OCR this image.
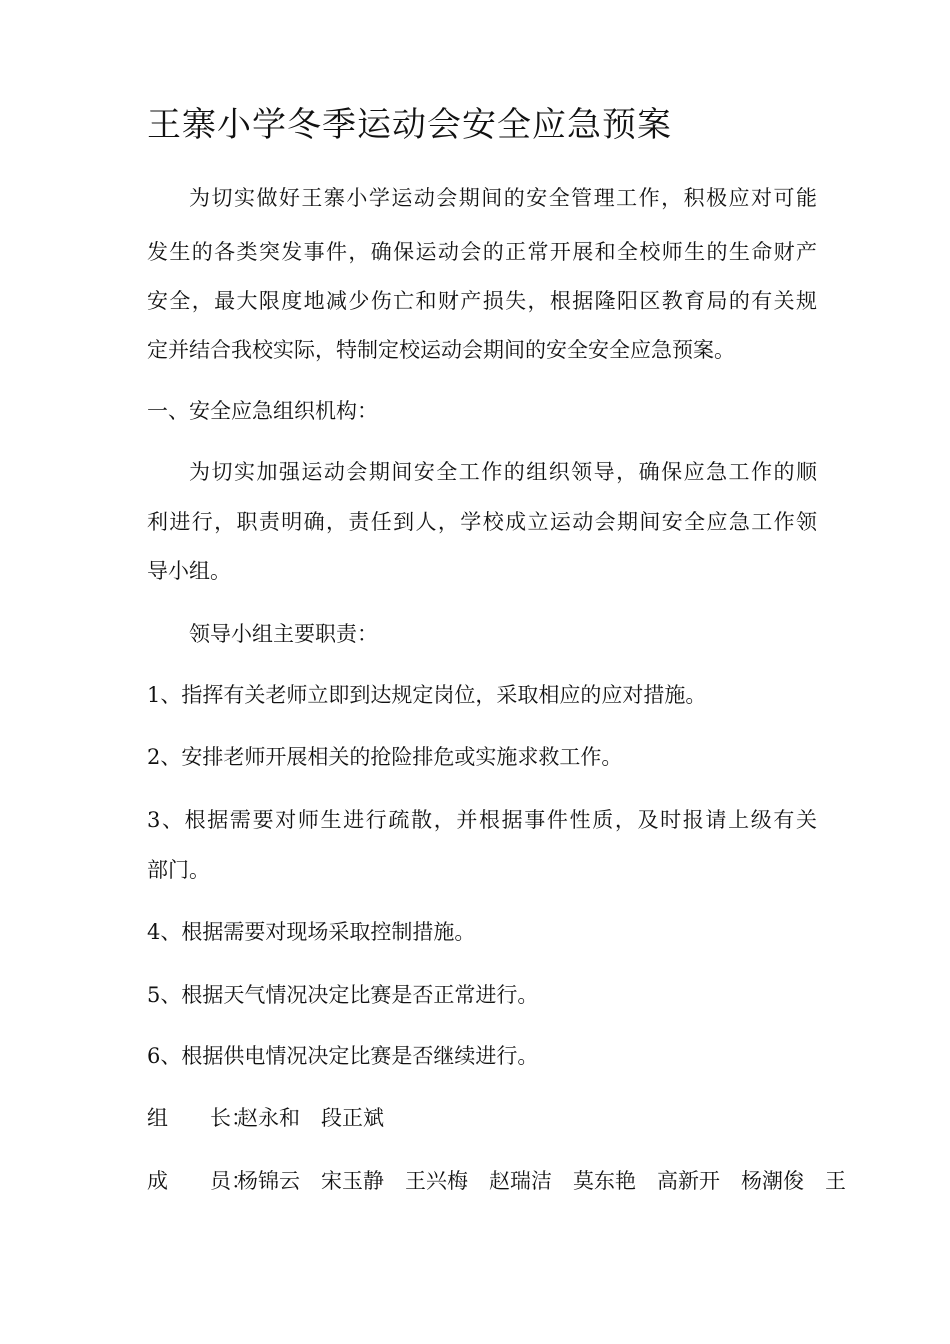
王寨小学冬季运动会安全应急预案

为切实做好王寨小学运动会期间的安全管理工作，积极应对可能

发生的各类突发事件，确保运动会的正常开展和全校师生的生命财产

安全，最大限度地减少伤亡和财产损失，根据隆阳区教育局的有关规

定并结合我校实际，特制定校运动会期间的安全安全应急预案。

一、安全应急组织机构：

为切实加强运动会期间安全工作的组织领导，确保应急工作的顺

利进行，职责明确，责任到人，学校成立运动会期间安全应急工作领

导小组。

领导小组主要职责：

1、指挥有关老师立即到达规定岗位，采取相应的应对措施。

2、安排老师开展相关的抢险排危或实施求救工作。

3、根据需要对师生进行疏散，并根据事件性质，及时报请上级有关

部门。

4、根据需要对现场采取控制措施。

5、根据天气情况决定比赛是否正常进行。

6、根据供电情况决定比赛是否继续进行。

组　　长：赵永和　段正斌

成　　员：杨锦云　宋玉静　王兴梅　赵瑞洁　莫东艳　高新开　杨潮俊　王
